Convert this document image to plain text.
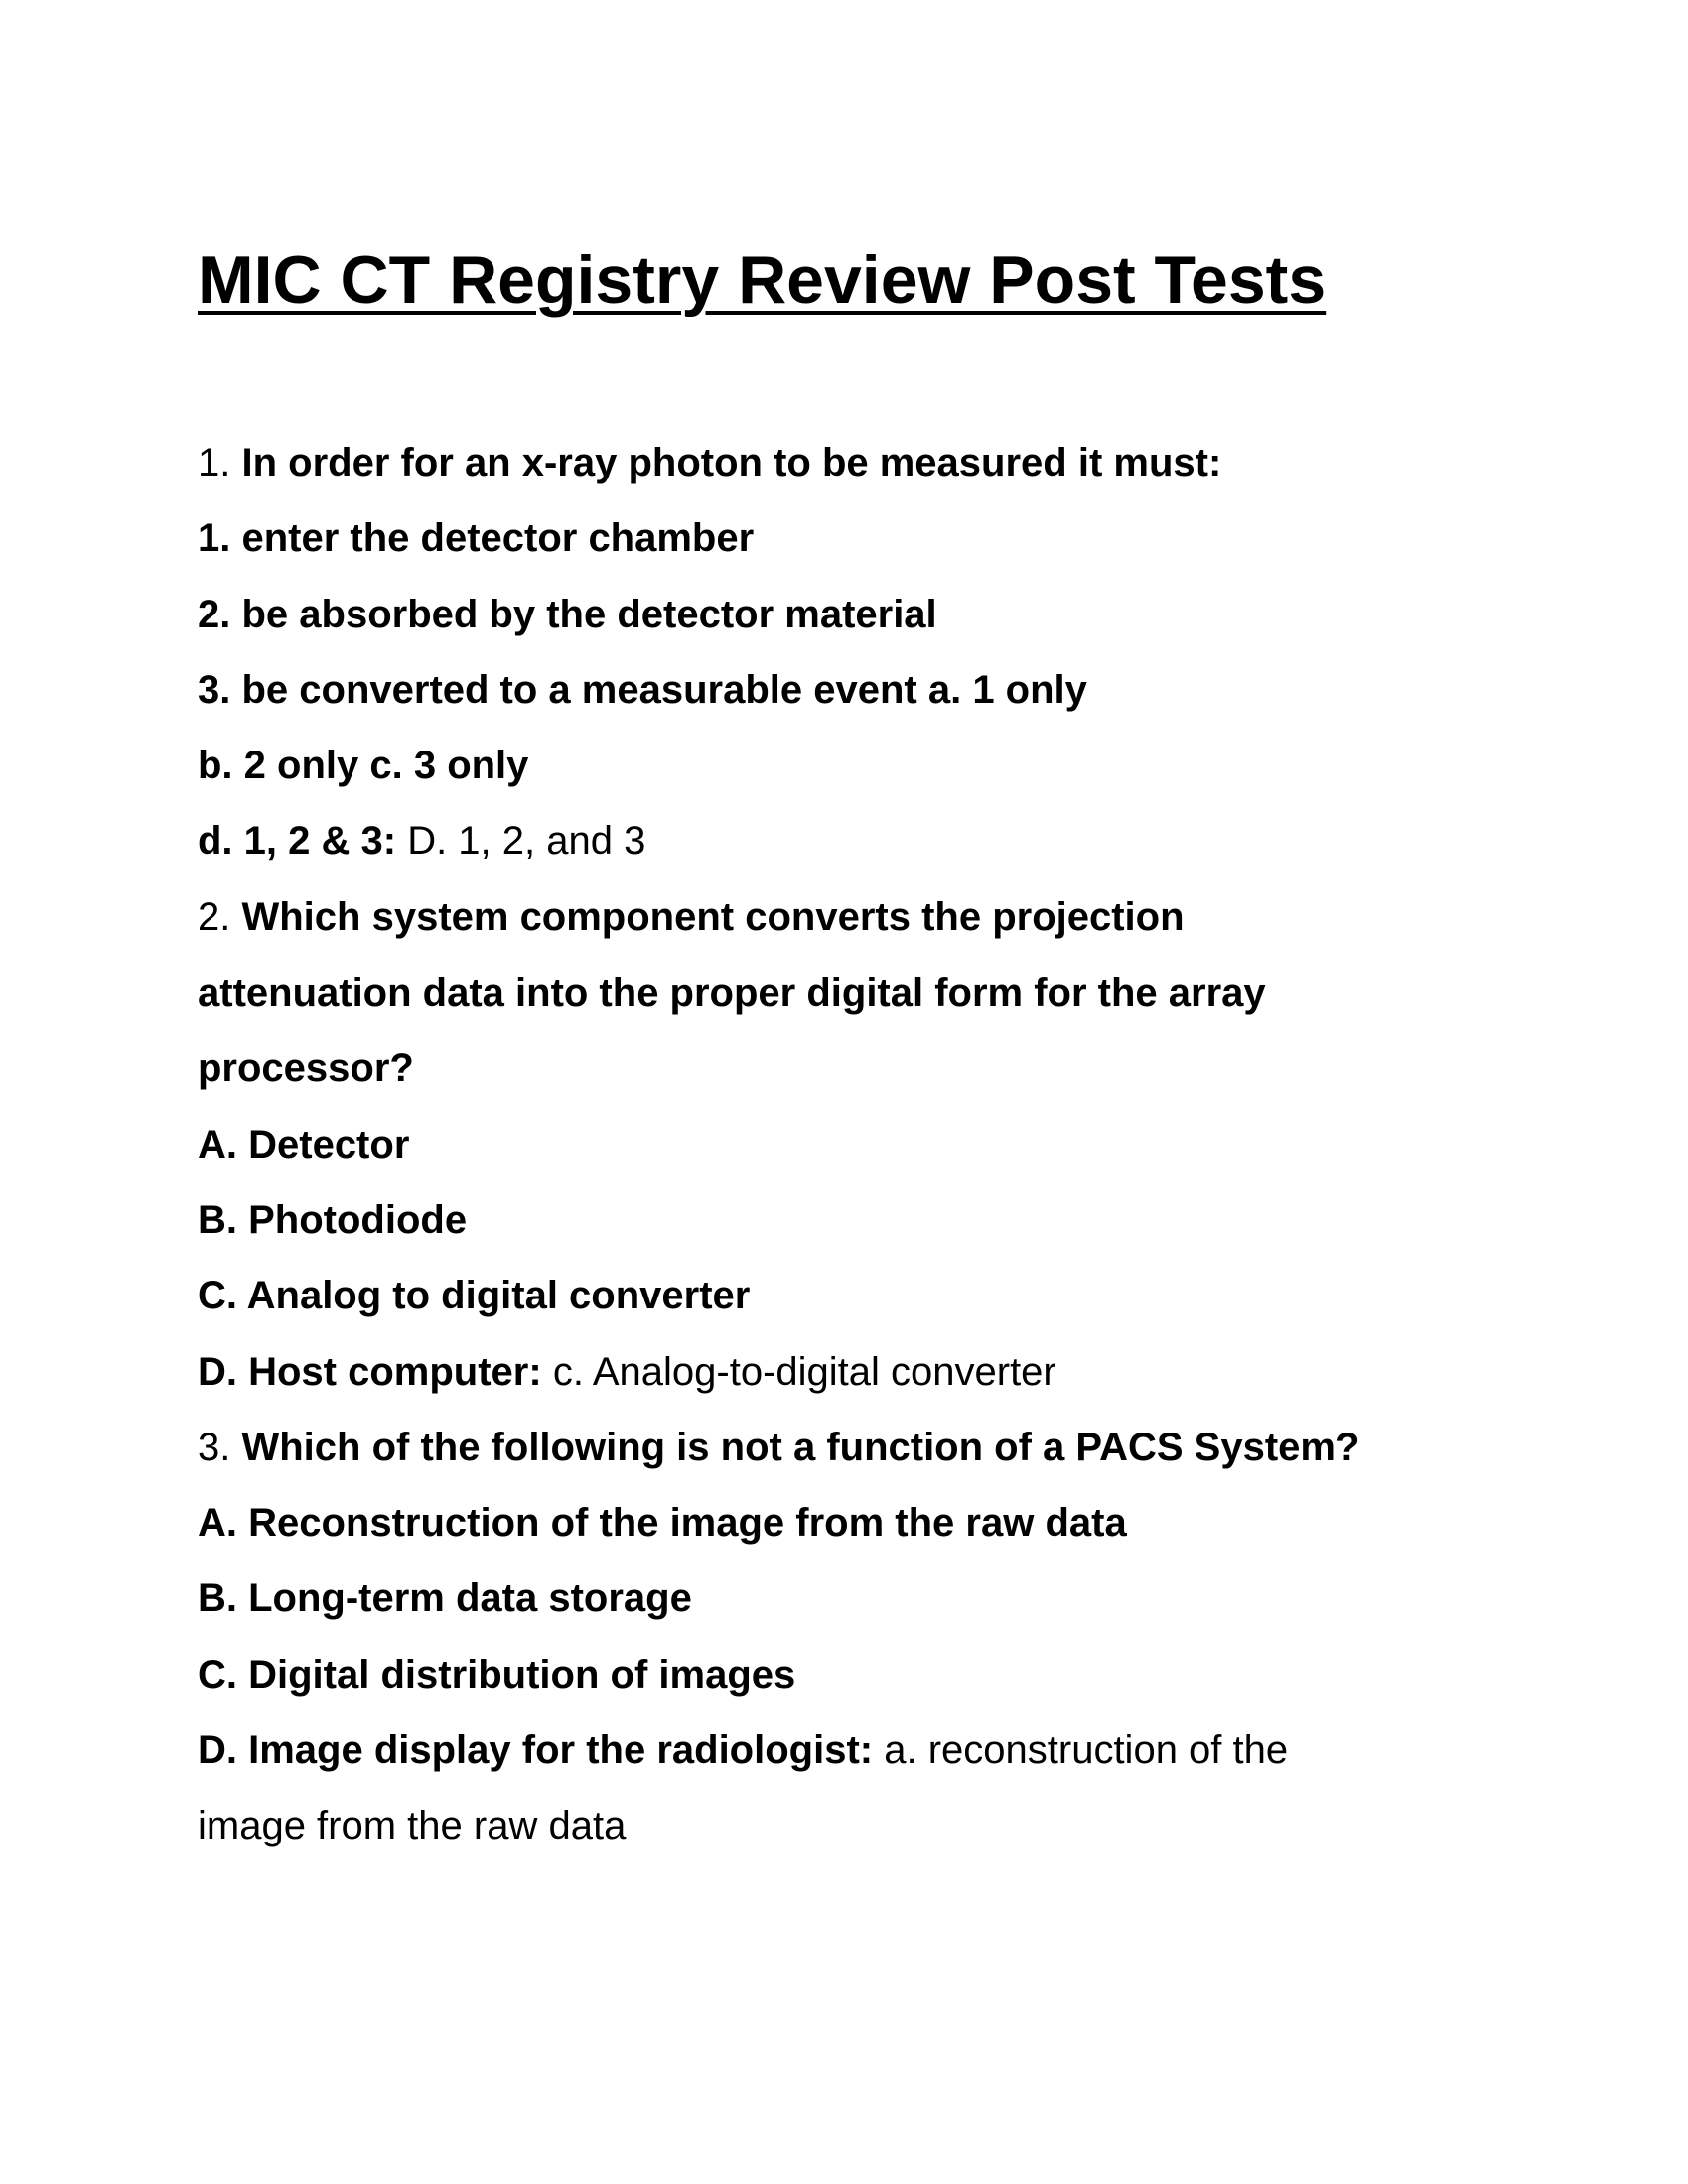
MIC CT Registry Review Post Tests
1. In order for an x-ray photon to be measured it must:
1. enter the detector chamber
2. be absorbed by the detector material
3. be converted to a measurable event a. 1 only
b. 2 only c. 3 only
d. 1, 2 & 3: D. 1, 2, and 3
2. Which system component converts the projection
attenuation data into the proper digital form for the array
processor?
A. Detector
B. Photodiode
C. Analog to digital converter
D. Host computer: c. Analog-to-digital converter
3. Which of the following is not a function of a PACS System?
A. Reconstruction of the image from the raw data
B. Long-term data storage
C. Digital distribution of images
D. Image display for the radiologist: a. reconstruction of the
image from the raw data
